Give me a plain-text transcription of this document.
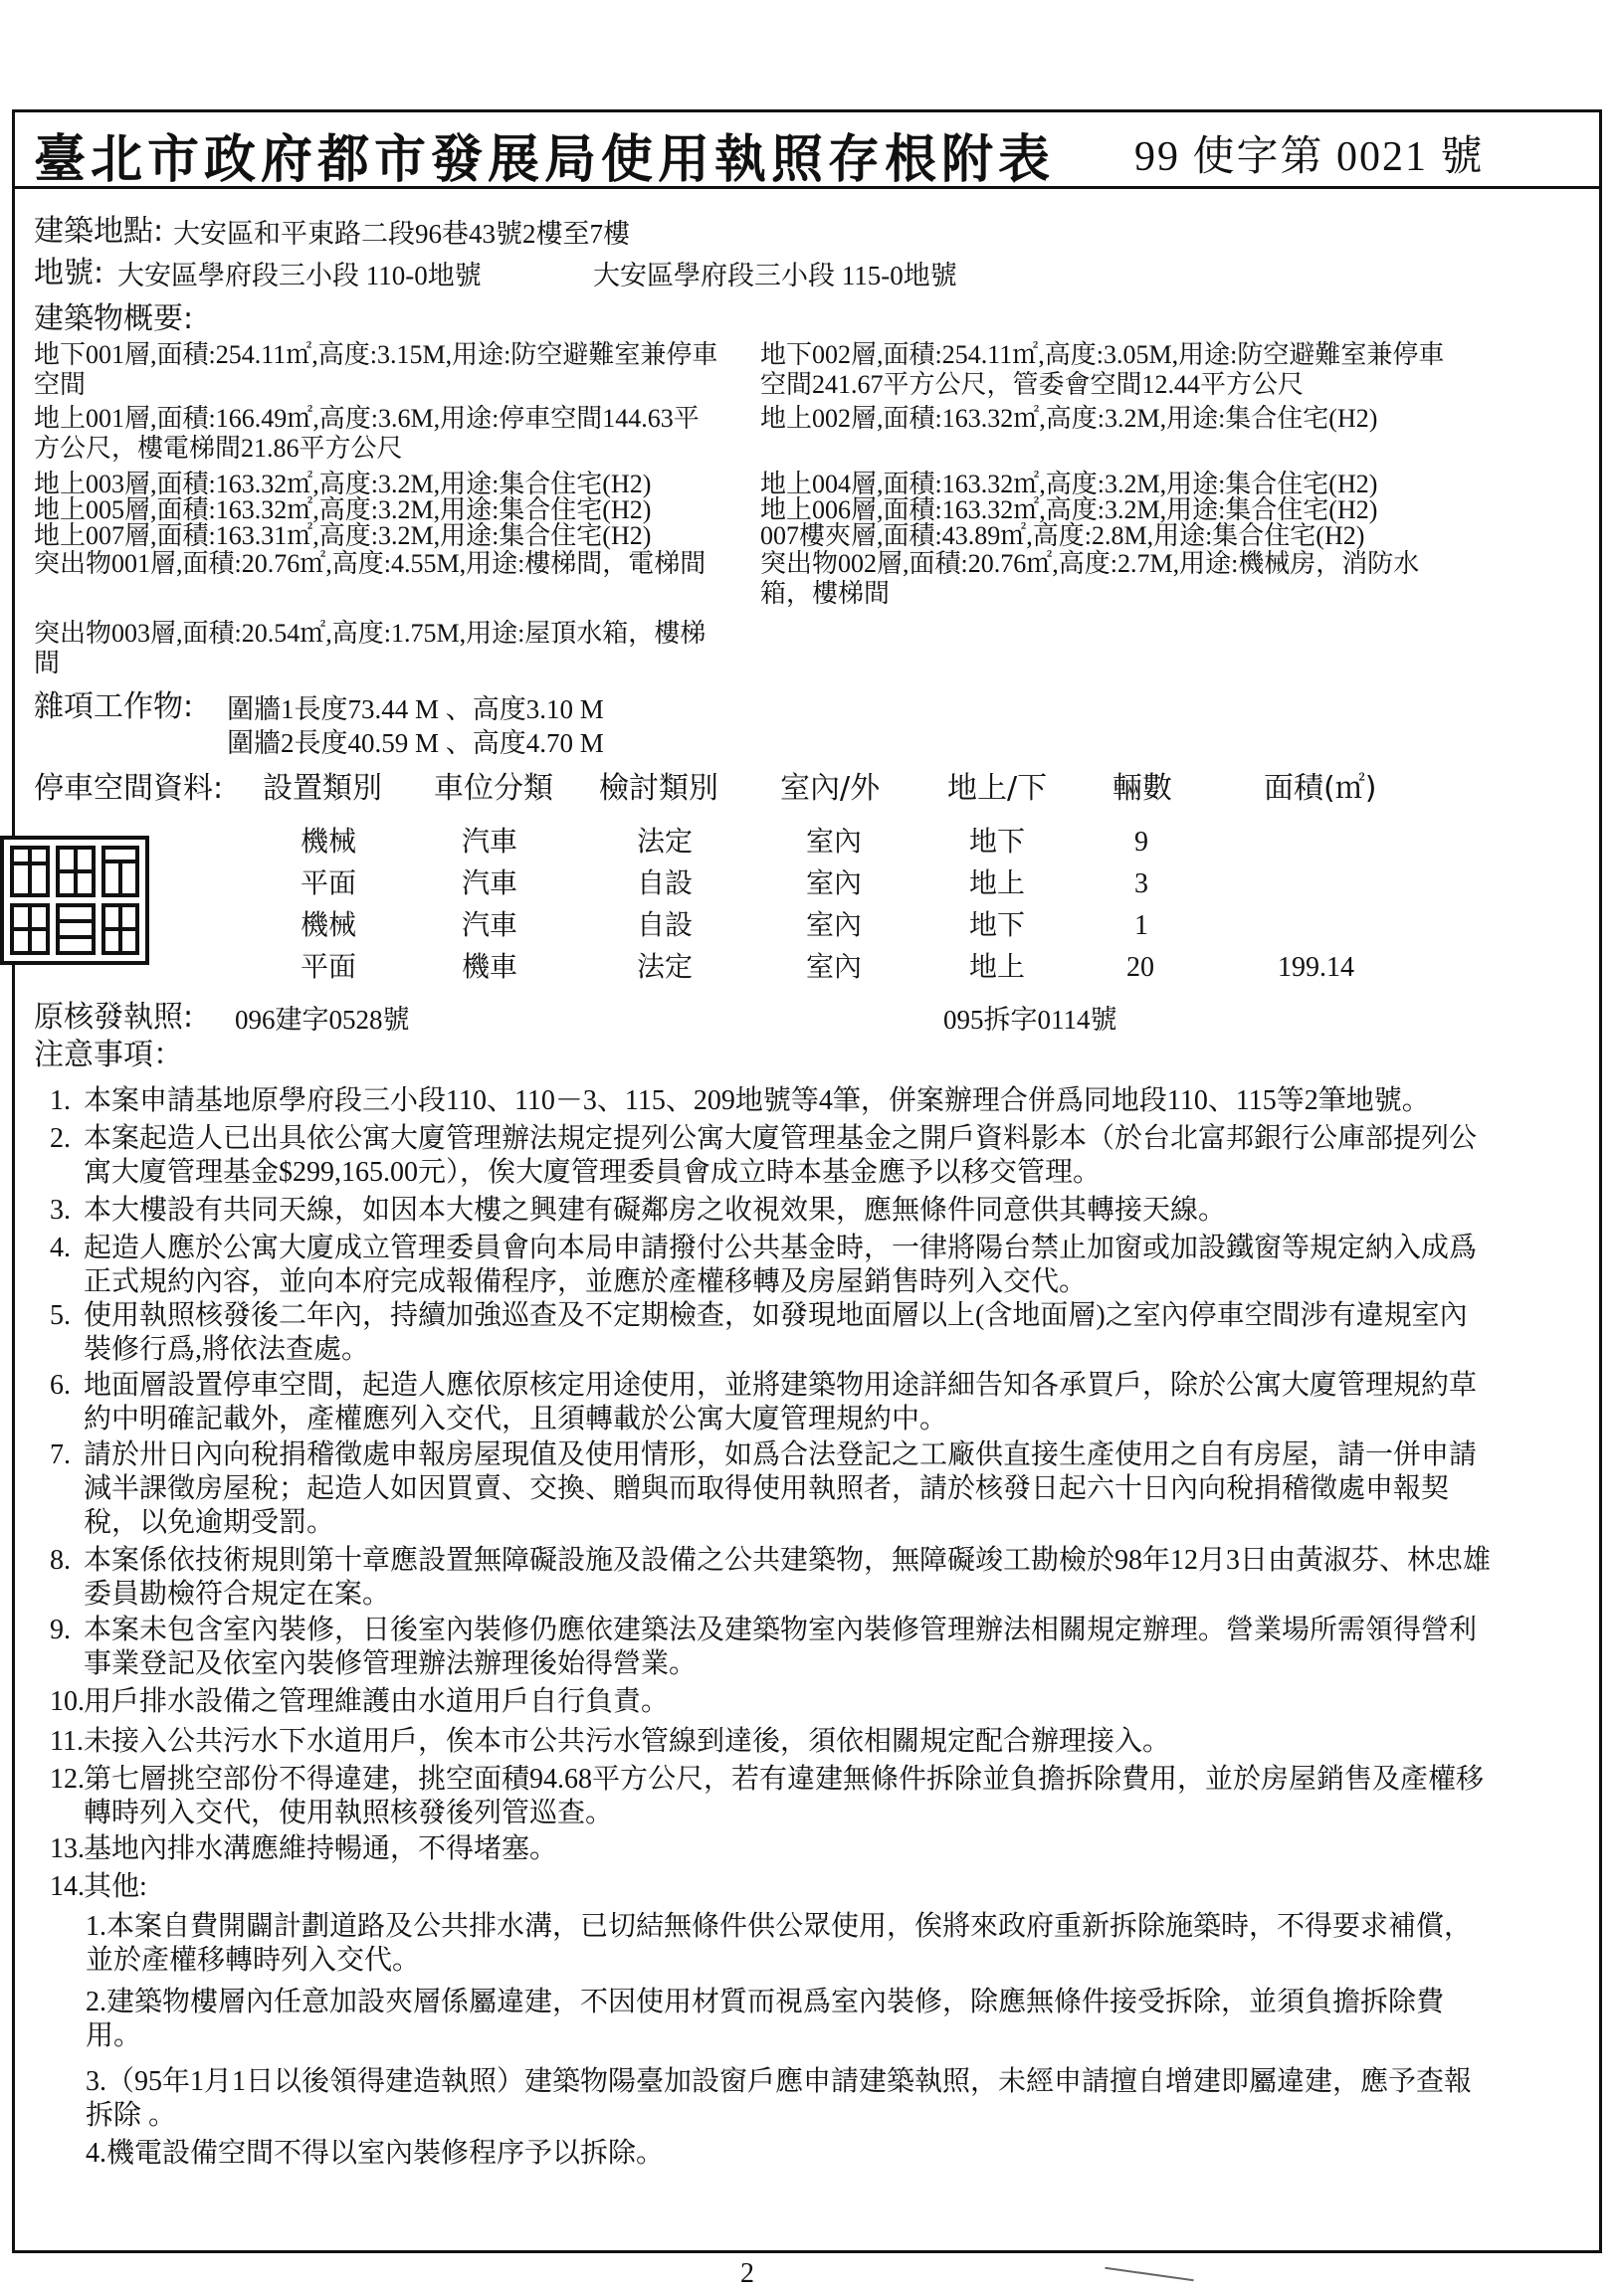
臺北市政府都市發展局使用執照存根附表 99 使字第 0021 號
建築地點: 大安區和平東路二段96巷43號2樓至7樓
地號: 大安區學府段三小段 110-0地號	大安區學府段三小段 115-0地號
建築物概要:
地下001層,面積:254.11㎡,高度:3.15M,用途:防空避難室兼停車 地下002層,面積:254.11㎡,高度:3.05M,用途:防空避難室兼停車
空間	空間241.67平方公尺，管委會空間12.44平方公尺
地上001層,面積:166.49㎡,高度:3.6M,用途:停車空間144.63平 地上002層,面積:163.32㎡,高度:3.2M,用途:集合住宅(H2)
方公尺，樓電梯間21.86平方公尺
地上003層,面積:163.32㎡,高度:3.2M,用途:集合住宅(H2)	地上004層,面積:163.32㎡,高度:3.2M,用途:集合住宅(H2)
地上005層,面積:163.32㎡,高度:3.2M,用途:集合住宅(H2)	地上006層,面積:163.32㎡,高度:3.2M,用途:集合住宅(H2)
地上007層,面積:163.31㎡,高度:3.2M,用途:集合住宅(H2)	007樓夾層,面積:43.89㎡,高度:2.8M,用途:集合住宅(H2)
突出物001層,面積:20.76㎡,高度:4.55M,用途:樓梯間，電梯間 突出物002層,面積:20.76㎡,高度:2.7M,用途:機械房，消防水
箱，樓梯間
突出物003層,面積:20.54㎡,高度:1.75M,用途:屋頂水箱，樓梯
間
雜項工作物: 圍牆1長度73.44 M 、高度3.10 M
圍牆2長度40.59 M 、高度4.70 M
停車空間資料: 設置類別 車位分類 檢討類別 室內/外 地上/下 輛數	面積(㎡)
機械	汽車	法定	室內	地下	9
平面	汽車	自設	室內	地上	3
機械	汽車	自設	室內	地下	1
平面	機車	法定	室內	地上	20	199.14
原核發執照: 096建字0528號	095拆字0114號
注意事項：
1. 本案申請基地原學府段三小段110、110－3、115、209地號等4筆，併案辦理合併爲同地段110、115等2筆地號。
2. 本案起造人已出具依公寓大廈管理辦法規定提列公寓大廈管理基金之開戶資料影本（於台北富邦銀行公庫部提列公寓大廈管理基金$299,165.00元），俟大廈管理委員會成立時本基金應予以移交管理。
3. 本大樓設有共同天線，如因本大樓之興建有礙鄰房之收視效果，應無條件同意供其轉接天線。
4. 起造人應於公寓大廈成立管理委員會向本局申請撥付公共基金時，一律將陽台禁止加窗或加設鐵窗等規定納入成爲正式規約內容，並向本府完成報備程序，並應於產權移轉及房屋銷售時列入交代。
5. 使用執照核發後二年內，持續加強巡查及不定期檢查，如發現地面層以上(含地面層)之室內停車空間涉有違規室內裝修行爲,將依法查處。
6. 地面層設置停車空間，起造人應依原核定用途使用，並將建築物用途詳細告知各承買戶，除於公寓大廈管理規約草約中明確記載外，產權應列入交代，且須轉載於公寓大廈管理規約中。
7. 請於卅日內向稅捐稽徵處申報房屋現值及使用情形，如爲合法登記之工廠供直接生產使用之自有房屋，請一併申請減半課徵房屋稅；起造人如因買賣、交換、贈與而取得使用執照者，請於核發日起六十日內向稅捐稽徵處申報契稅，以免逾期受罰。
8. 本案係依技術規則第十章應設置無障礙設施及設備之公共建築物，無障礙竣工勘檢於98年12月3日由黃淑芬、林忠雄委員勘檢符合規定在案。
9. 本案未包含室內裝修，日後室內裝修仍應依建築法及建築物室內裝修管理辦法相關規定辦理。營業場所需領得營利事業登記及依室內裝修管理辦法辦理後始得營業。
10. 用戶排水設備之管理維護由水道用戶自行負責。
11. 未接入公共污水下水道用戶，俟本市公共污水管線到達後，須依相關規定配合辦理接入。
12. 第七層挑空部份不得違建，挑空面積94.68平方公尺，若有違建無條件拆除並負擔拆除費用，並於房屋銷售及產權移轉時列入交代，使用執照核發後列管巡查。
13. 基地內排水溝應維持暢通，不得堵塞。
14. 其他:
1.本案自費開闢計劃道路及公共排水溝，已切結無條件供公眾使用，俟將來政府重新拆除施築時，不得要求補償，並於產權移轉時列入交代。
2.建築物樓層內任意加設夾層係屬違建，不因使用材質而視爲室內裝修，除應無條件接受拆除，並須負擔拆除費用。
3.（95年1月1日以後領得建造執照）建築物陽臺加設窗戶應申請建築執照，未經申請擅自增建即屬違建，應予查報拆除 。
4.機電設備空間不得以室內裝修程序予以拆除。
2
